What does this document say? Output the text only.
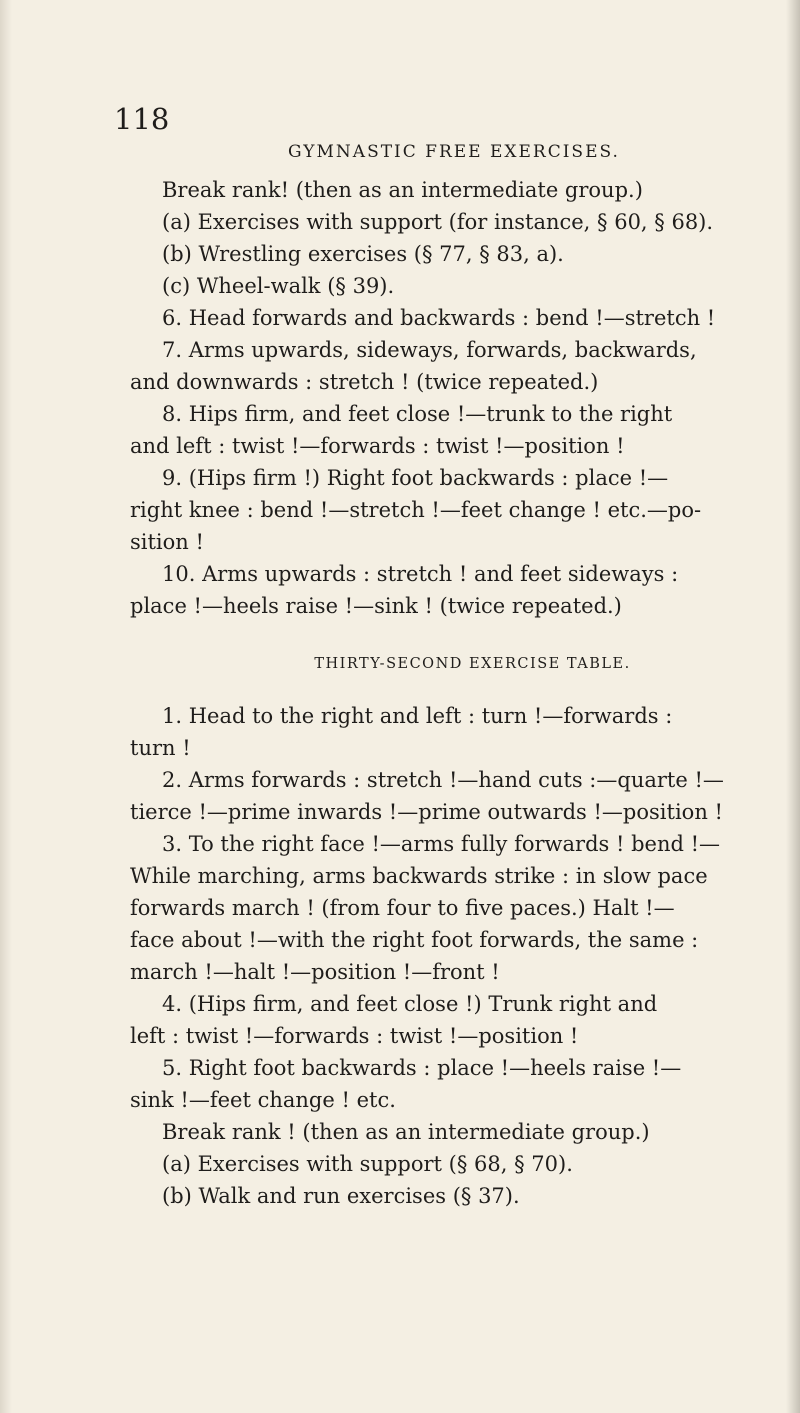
118
GYMNASTIC FREE EXERCISES.

Break rank! (then as an intermediate group.)

(a) Exercises with support (for instance, § 60, § 68).

(b) Wrestling exercises (§ 77, § 83, a).

(c) Wheel-walk (§ 39).

6. Head forwards and backwards : bend !—stretch !

7. Arms upwards, sideways, forwards, backwards,

and downwards : stretch ! (twice repeated.)

8. Hips firm, and feet close !—trunk to the right

and left : twist !—forwards : twist !—position !

9. (Hips firm !) Right foot backwards : place !—

right knee : bend !—stretch !—feet change ! etc.—po-

sition !

10. Arms upwards : stretch ! and feet sideways :

place !—heels raise !—sink ! (twice repeated.)

THIRTY-SECOND EXERCISE TABLE.

1. Head to the right and left : turn !—forwards :

turn !

2. Arms forwards : stretch !—hand cuts :—quarte !—

tierce !—prime inwards !—prime outwards !—position !

3. To the right face !—arms fully forwards ! bend !—

While marching, arms backwards strike : in slow pace

forwards march ! (from four to five paces.) Halt !—

face about !—with the right foot forwards, the same :

march !—halt !—position !—front !

4. (Hips firm, and feet close !) Trunk right and

left : twist !—forwards : twist !—position !

5. Right foot backwards : place !—heels raise !—

sink !—feet change ! etc.

Break rank ! (then as an intermediate group.)

(a) Exercises with support (§ 68, § 70).

(b) Walk and run exercises (§ 37).
